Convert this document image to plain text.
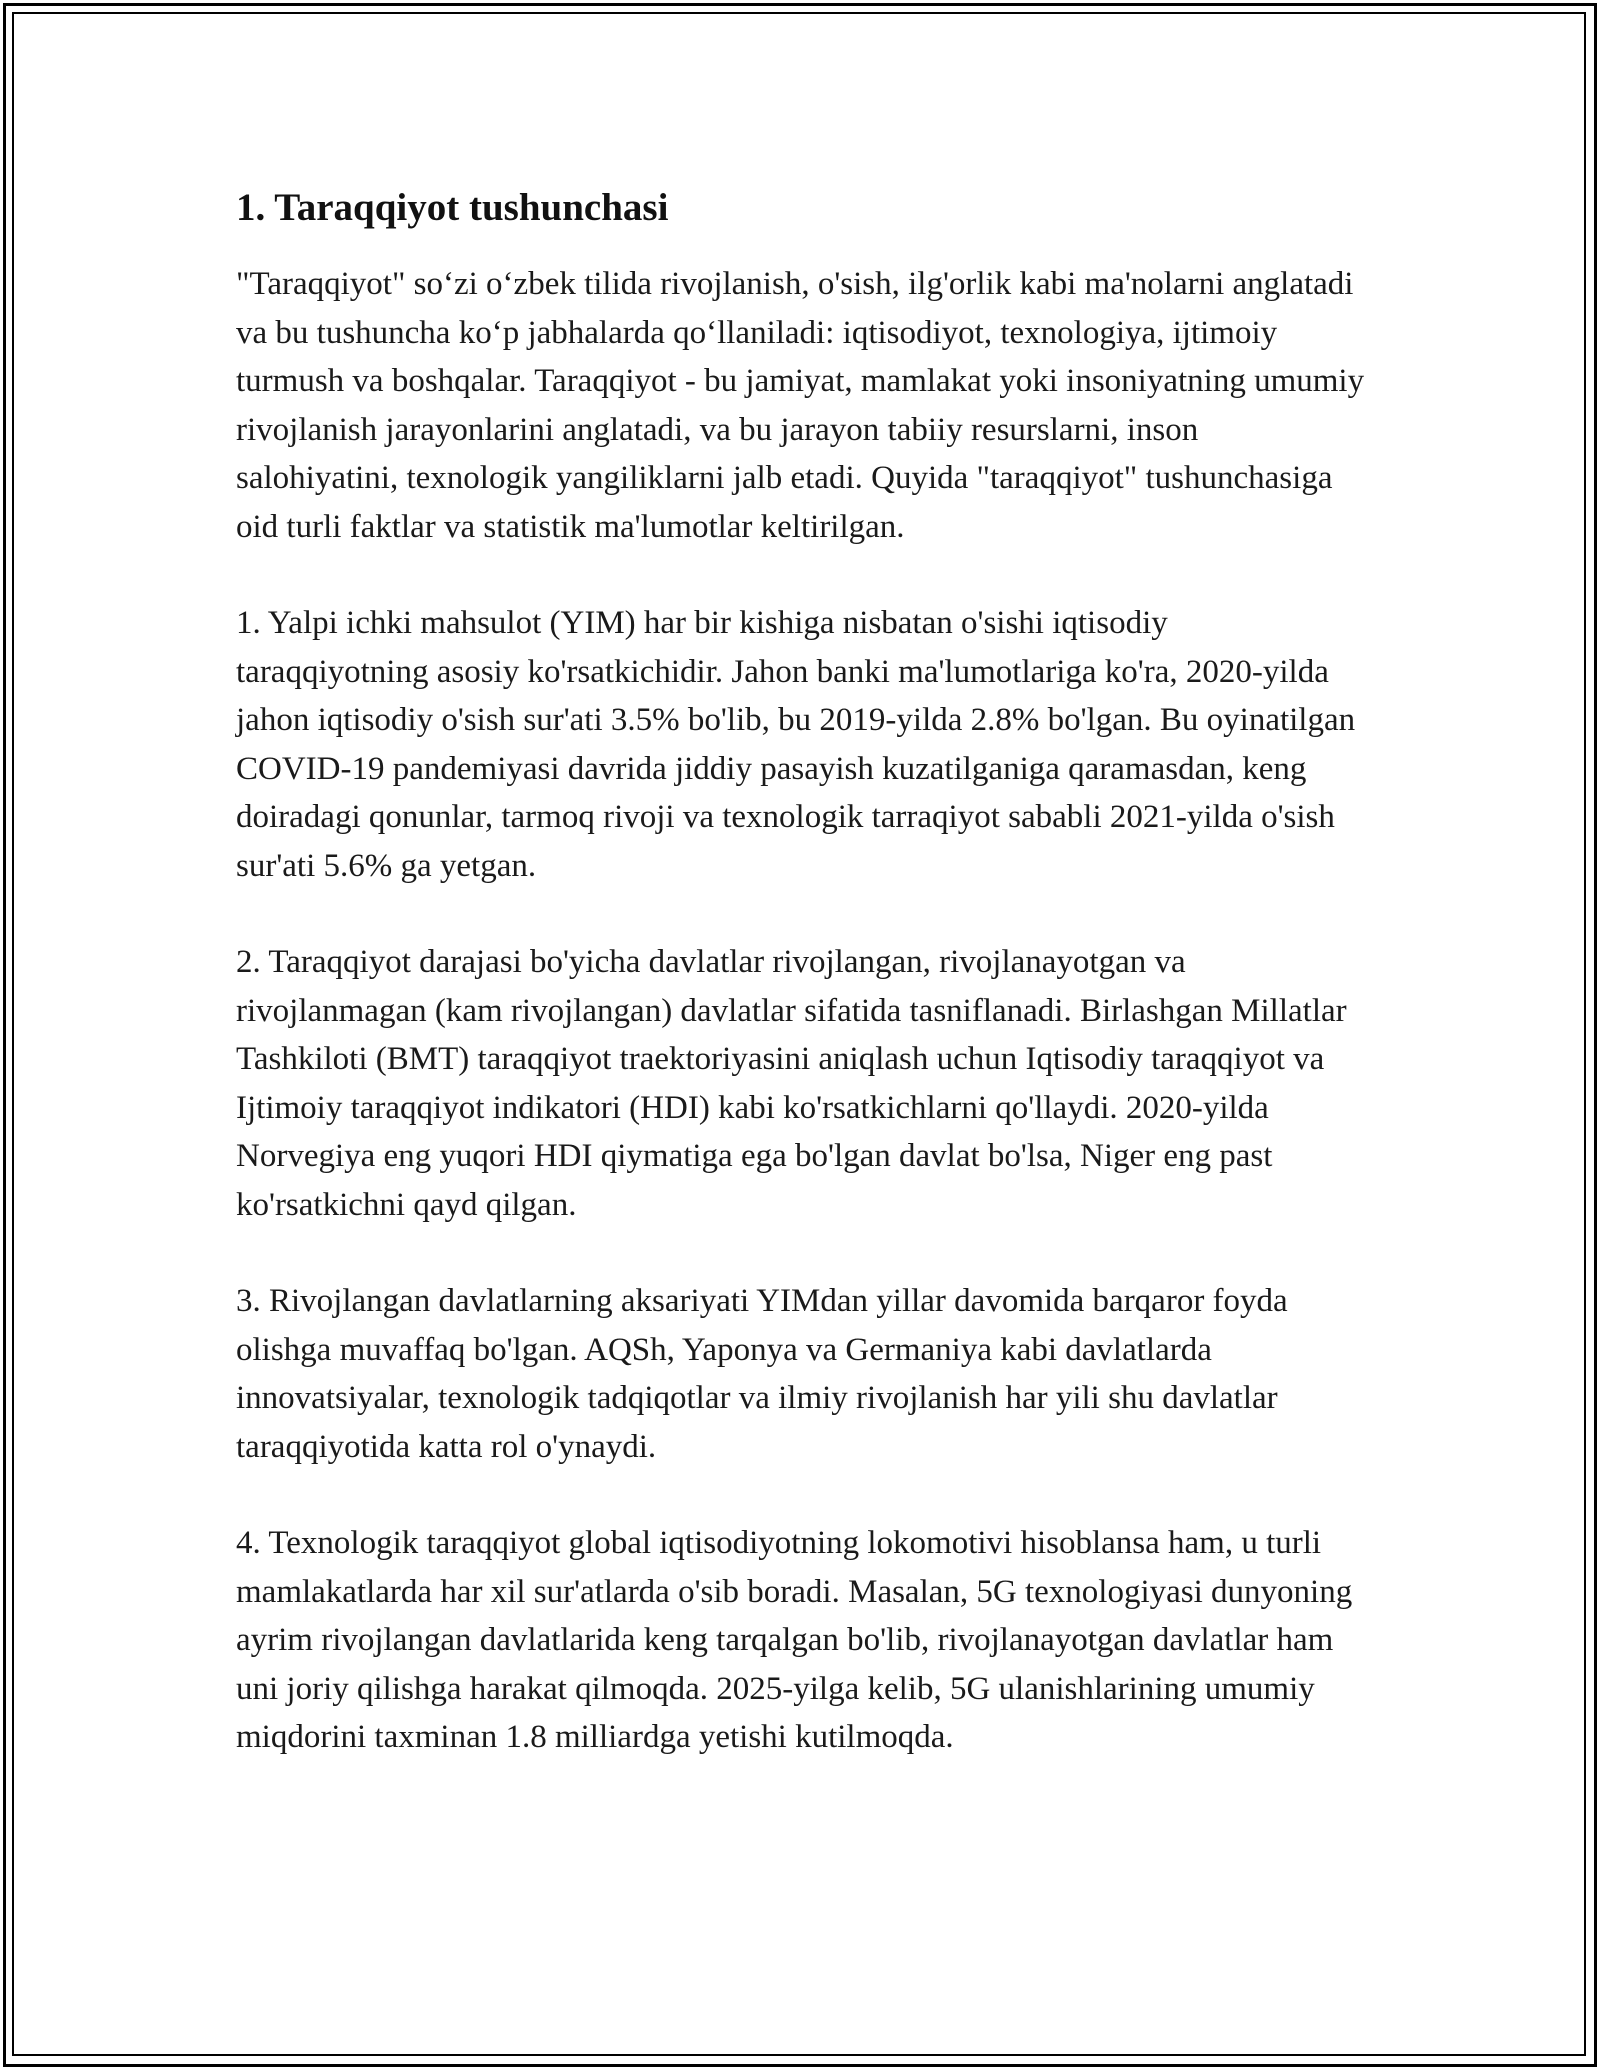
1. Taraqqiyot tushunchasi

"Taraqqiyot" so‘zi o‘zbek tilida rivojlanish, o'sish, ilg'orlik kabi ma'nolarni anglatadi va bu tushuncha ko‘p jabhalarda qo‘llaniladi: iqtisodiyot, texnologiya, ijtimoiy turmush va boshqalar. Taraqqiyot - bu jamiyat, mamlakat yoki insoniyatning umumiy rivojlanish jarayonlarini anglatadi, va bu jarayon tabiiy resurslarni, inson salohiyatini, texnologik yangiliklarni jalb etadi. Quyida "taraqqiyot" tushunchasiga oid turli faktlar va statistik ma'lumotlar keltirilgan.

1. Yalpi ichki mahsulot (YIM) har bir kishiga nisbatan o'sishi iqtisodiy taraqqiyotning asosiy ko'rsatkichidir. Jahon banki ma'lumotlariga ko'ra, 2020-yilda jahon iqtisodiy o'sish sur'ati 3.5% bo'lib, bu 2019-yilda 2.8% bo'lgan. Bu oyinatilgan COVID-19 pandemiyasi davrida jiddiy pasayish kuzatilganiga qaramasdan, keng doiradagi qonunlar, tarmoq rivoji va texnologik tarraqiyot sababli 2021-yilda o'sish sur'ati 5.6% ga yetgan.

2. Taraqqiyot darajasi bo'yicha davlatlar rivojlangan, rivojlanayotgan va rivojlanmagan (kam rivojlangan) davlatlar sifatida tasniflanadi. Birlashgan Millatlar Tashkiloti (BMT) taraqqiyot traektoriyasini aniqlash uchun Iqtisodiy taraqqiyot va Ijtimoiy taraqqiyot indikatori (HDI) kabi ko'rsatkichlarni qo'llaydi. 2020-yilda Norvegiya eng yuqori HDI qiymatiga ega bo'lgan davlat bo'lsa, Niger eng past ko'rsatkichni qayd qilgan.

3. Rivojlangan davlatlarning aksariyati YIMdan yillar davomida barqaror foyda olishga muvaffaq bo'lgan. AQSh, Yaponya va Germaniya kabi davlatlarda innovatsiyalar, texnologik tadqiqotlar va ilmiy rivojlanish har yili shu davlatlar taraqqiyotida katta rol o'ynaydi.

4. Texnologik taraqqiyot global iqtisodiyotning lokomotivi hisoblansa ham, u turli mamlakatlarda har xil sur'atlarda o'sib boradi. Masalan, 5G texnologiyasi dunyoning ayrim rivojlangan davlatlarida keng tarqalgan bo'lib, rivojlanayotgan davlatlar ham uni joriy qilishga harakat qilmoqda. 2025-yilga kelib, 5G ulanishlarining umumiy miqdorini taxminan 1.8 milliardga yetishi kutilmoqda.
